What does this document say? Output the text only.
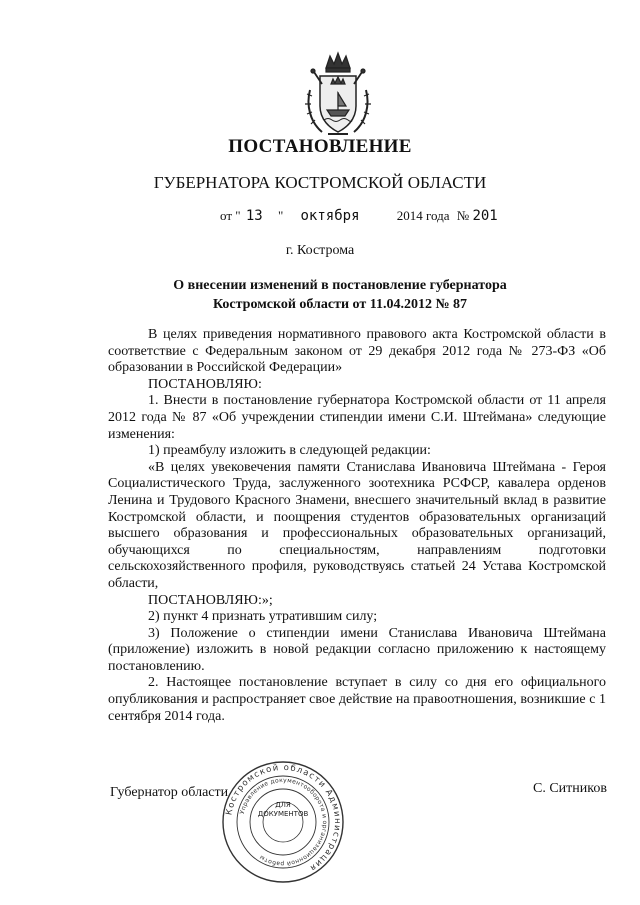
ПОСТАНОВЛЕНИЕ
ГУБЕРНАТОРА КОСТРОМСКОЙ ОБЛАСТИ
от " 13 " октября	2014 года № 201
г. Кострома
О внесении изменений в постановление губернатора
Костромской области от 11.04.2012 № 87

В целях приведения нормативного правового акта Костромской области в соответствие с Федеральным законом от 29 декабря 2012 года № 273-ФЗ «Об образовании в Российской Федерации»

ПОСТАНОВЛЯЮ:

1. Внести в постановление губернатора Костромской области от 11 апреля 2012 года № 87 «Об учреждении стипендии имени С.И. Штеймана» следующие изменения:

1) преамбулу изложить в следующей редакции:

«В целях увековечения памяти Станислава Ивановича Штеймана - Героя Социалистического Труда, заслуженного зоотехника РСФСР, кавалера орденов Ленина и Трудового Красного Знамени, внесшего значительный вклад в развитие Костромской области, и поощрения студентов образовательных организаций высшего образования и профессиональных образовательных организаций, обучающихся по специальностям, направлениям подготовки сельскохозяйственного профиля, руководствуясь статьей 24 Устава Костромской области,

ПОСТАНОВЛЯЮ:»;

2) пункт 4 признать утратившим силу;

3) Положение о стипендии имени Станислава Ивановича Штеймана (приложение) изложить в новой редакции согласно приложению к настоящему постановлению.

2. Настоящее постановление вступает в силу со дня его официального опубликования и распространяет свое действие на правоотношения, возникшие с 1 сентября 2014 года.

Губернатор области	С. Ситников
Костромской области Администрация
Управление документооборота и организационной работы
ДЛЯ
ДОКУМЕНТОВ
